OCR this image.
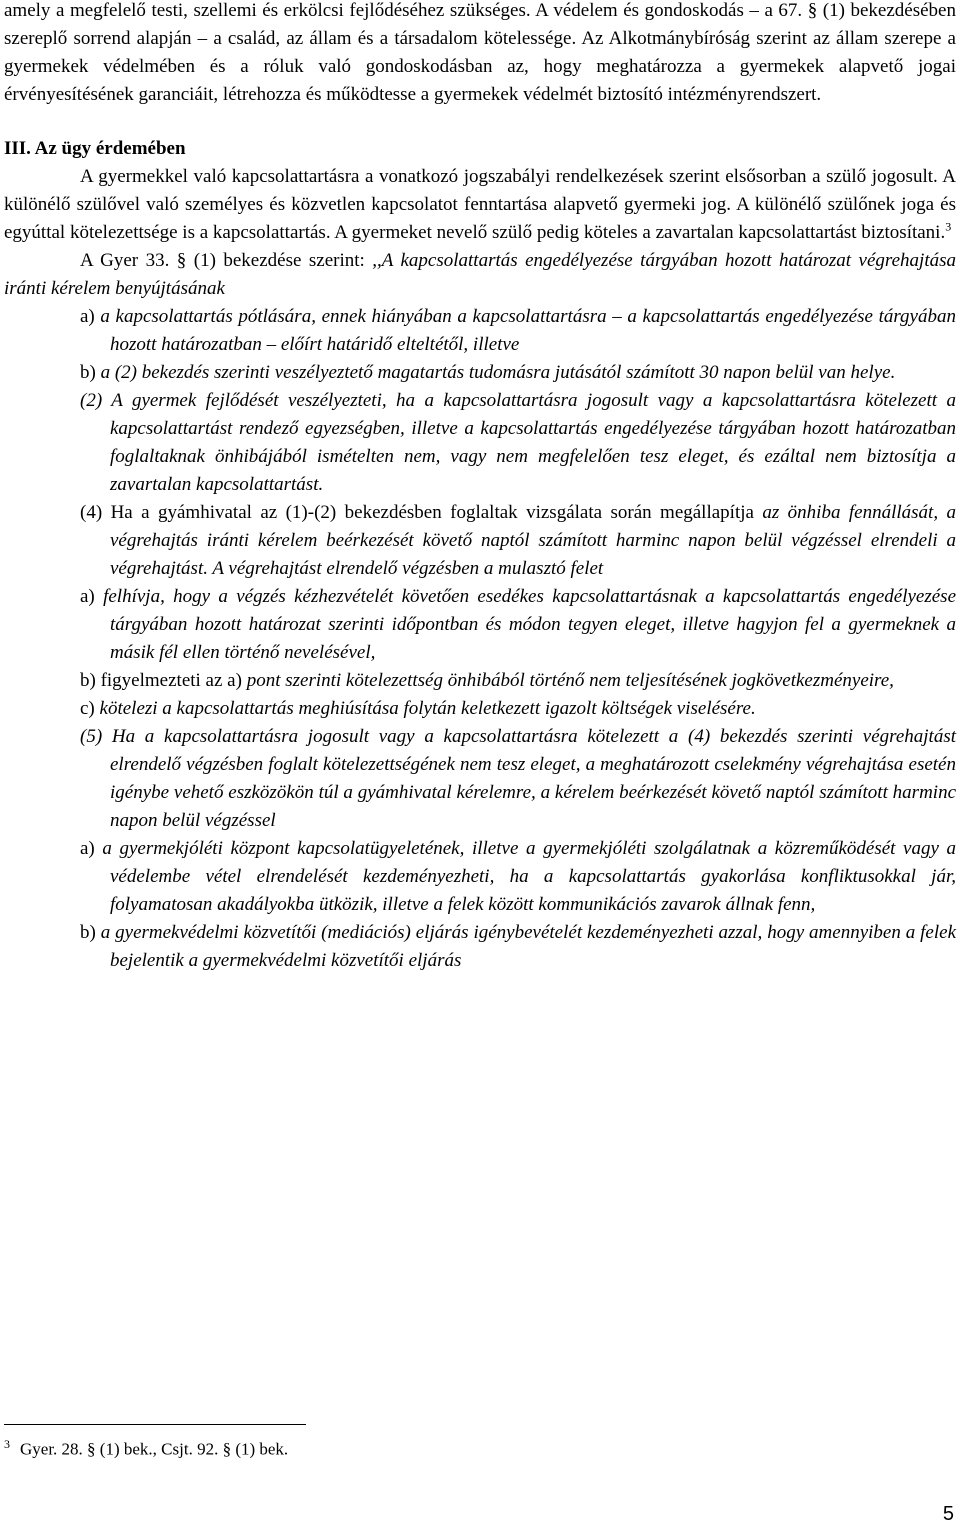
amely a megfelelő testi, szellemi és erkölcsi fejlődéséhez szükséges. A védelem és gondoskodás – a 67. § (1) bekezdésében szereplő sorrend alapján – a család, az állam és a társadalom kötelessége. Az Alkotmánybíróság szerint az állam szerepe a gyermekek védelmében és a róluk való gondoskodásban az, hogy meghatározza a gyermekek alapvető jogai érvényesítésének garanciáit, létrehozza és működtesse a gyermekek védelmét biztosító intézményrendszert.

III. Az ügy érdemében

A gyermekkel való kapcsolattartásra a vonatkozó jogszabályi rendelkezések szerint elsősorban a szülő jogosult. A különélő szülővel való személyes és közvetlen kapcsolatot fenntartása alapvető gyermeki jog. A különélő szülőnek joga és egyúttal kötelezettsége is a kapcsolattartás. A gyermeket nevelő szülő pedig köteles a zavartalan kapcsolattartást biztosítani.$^3$

A Gyer 33. § (1) bekezdése szerint: ,,A kapcsolattartás engedélyezése tárgyában hozott határozat végrehajtása iránti kérelem benyújtásának

a) a kapcsolattartás pótlására, ennek hiányában a kapcsolattartásra – a kapcsolattartás engedélyezése tárgyában hozott határozatban – előírt határidő elteltétől, illetve

b) a (2) bekezdés szerinti veszélyeztető magatartás tudomásra jutásától számított 30 napon belül van helye.

(2) A gyermek fejlődését veszélyezteti, ha a kapcsolattartásra jogosult vagy a kapcsolattartásra kötelezett a kapcsolattartást rendező egyezségben, illetve a kapcsolattartás engedélyezése tárgyában hozott határozatban foglaltaknak önhibájából ismételten nem, vagy nem megfelelően tesz eleget, és ezáltal nem biztosítja a zavartalan kapcsolattartást.

(4) Ha a gyámhivatal az (1)-(2) bekezdésben foglaltak vizsgálata során megállapítja az önhiba fennállását, a végrehajtás iránti kérelem beérkezését követő naptól számított harminc napon belül végzéssel elrendeli a végrehajtást. A végrehajtást elrendelő végzésben a mulasztó felet

a) felhívja, hogy a végzés kézhezvételét követően esedékes kapcsolattartásnak a kapcsolattartás engedélyezése tárgyában hozott határozat szerinti időpontban és módon tegyen eleget, illetve hagyjon fel a gyermeknek a másik fél ellen történő nevelésével,

b) figyelmezteti az a) pont szerinti kötelezettség önhibából történő nem teljesítésének jogkövetkezményeire,

c) kötelezi a kapcsolattartás meghiúsítása folytán keletkezett igazolt költségek viselésére.

(5) Ha a kapcsolattartásra jogosult vagy a kapcsolattartásra kötelezett a (4) bekezdés szerinti végrehajtást elrendelő végzésben foglalt kötelezettségének nem tesz eleget, a meghatározott cselekmény végrehajtása esetén igénybe vehető eszközökön túl a gyámhivatal kérelemre, a kérelem beérkezését követő naptól számított harminc napon belül végzéssel

a) a gyermekjóléti központ kapcsolatügyeletének, illetve a gyermekjóléti szolgálatnak a közreműködését vagy a védelembe vétel elrendelését kezdeményezheti, ha a kapcsolattartás gyakorlása konfliktusokkal jár, folyamatosan akadályokba ütközik, illetve a felek között kommunikációs zavarok állnak fenn,

b) a gyermekvédelmi közvetítői (mediációs) eljárás igénybevételét kezdeményezheti azzal, hogy amennyiben a felek bejelentik a gyermekvédelmi közvetítői eljárás

$^3$ Gyer. 28. § (1) bek., Csjt. 92. § (1) bek.
5
